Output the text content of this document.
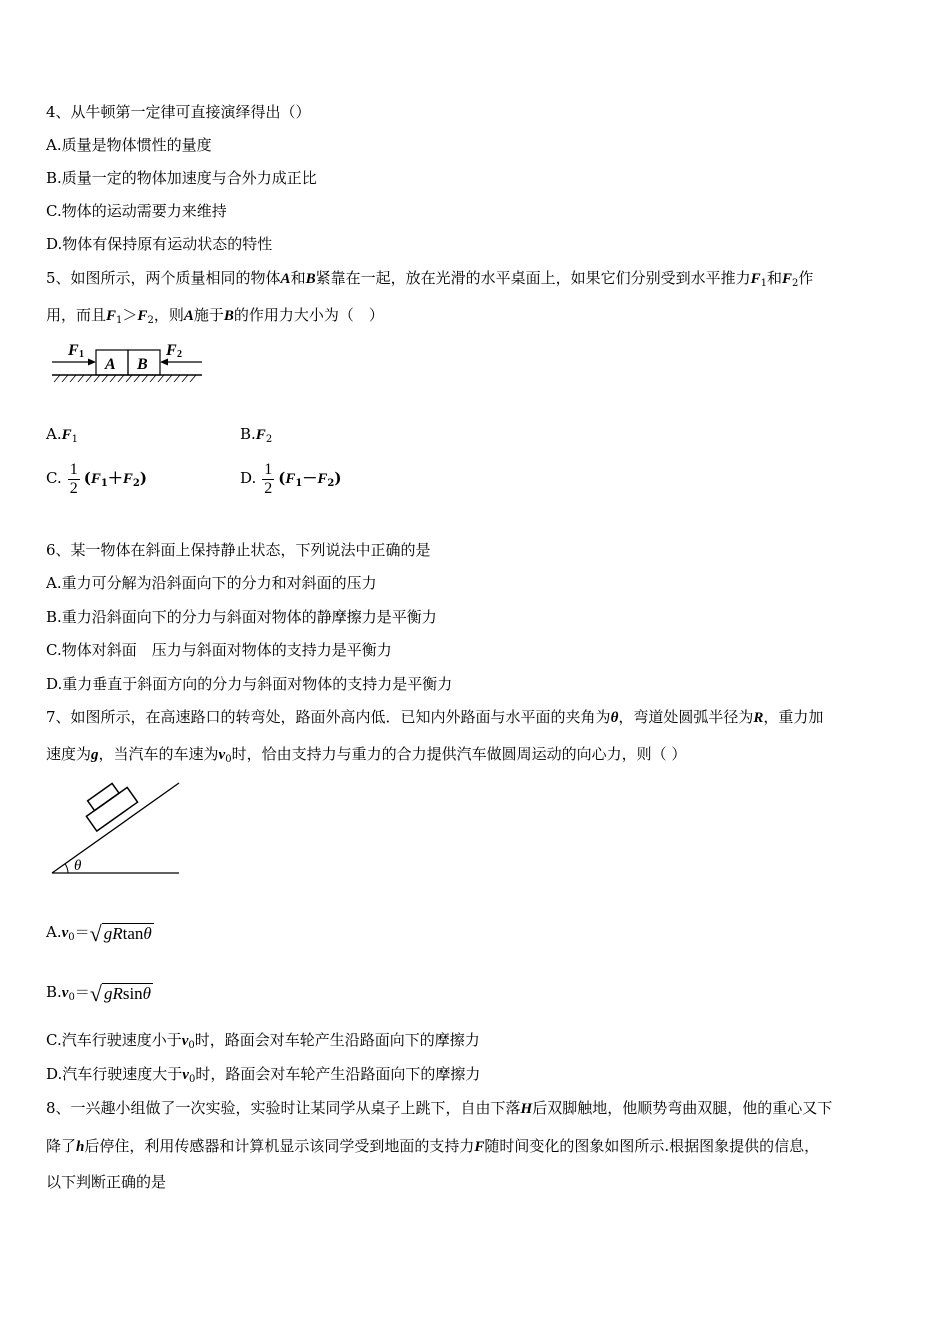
4、从牛顿第一定律可直接演绎得出（）
A.质量是物体惯性的量度
B.质量一定的物体加速度与合外力成正比
C.物体的运动需要力来维持
D.物体有保持原有运动状态的特性
5、如图所示，两个质量相同的物体A和B紧靠在一起，放在光滑的水平桌面上，如果它们分别受到水平推力$F_1$和$F_2$作
用，而且$F_1>F_2$，则A施于B的作用力大小为（　）
A B
F 1	F 2
$A.F_1$	$B.F_2$
C. $\frac{1}{2} (F_1+F_2)$	D. $\frac{1}{2} (F_1-F_2)$
6、某一物体在斜面上保持静止状态，下列说法中正确的是
A.重力可分解为沿斜面向下的分力和对斜面的压力
B.重力沿斜面向下的分力与斜面对物体的静摩擦力是平衡力
C.物体对斜面　压力与斜面对物体的支持力是平衡力
D.重力垂直于斜面方向的分力与斜面对物体的支持力是平衡力
7、如图所示，在高速路口的转弯处，路面外高内低．已知内外路面与水平面的夹角为θ，弯道处圆弧半径为R，重力加
速度为g，当汽车的车速为$v_0$时，恰由支持力与重力的合力提供汽车做圆周运动的向心力，则（ ）
θ
$A.v_0=√$ gRtanθ
$B.v_0=√$ gRsinθ
C.汽车行驶速度小于$v_0$时，路面会对车轮产生沿路面向下的摩擦力
D.汽车行驶速度大于$v_0$时，路面会对车轮产生沿路面向下的摩擦力
8、一兴趣小组做了一次实验，实验时让某同学从桌子上跳下，自由下落H后双脚触地，他顺势弯曲双腿，他的重心又下
降了h后停住，利用传感器和计算机显示该同学受到地面的支持力F随时间变化的图象如图所示.根据图象提供的信息，
以下判断正确的是
